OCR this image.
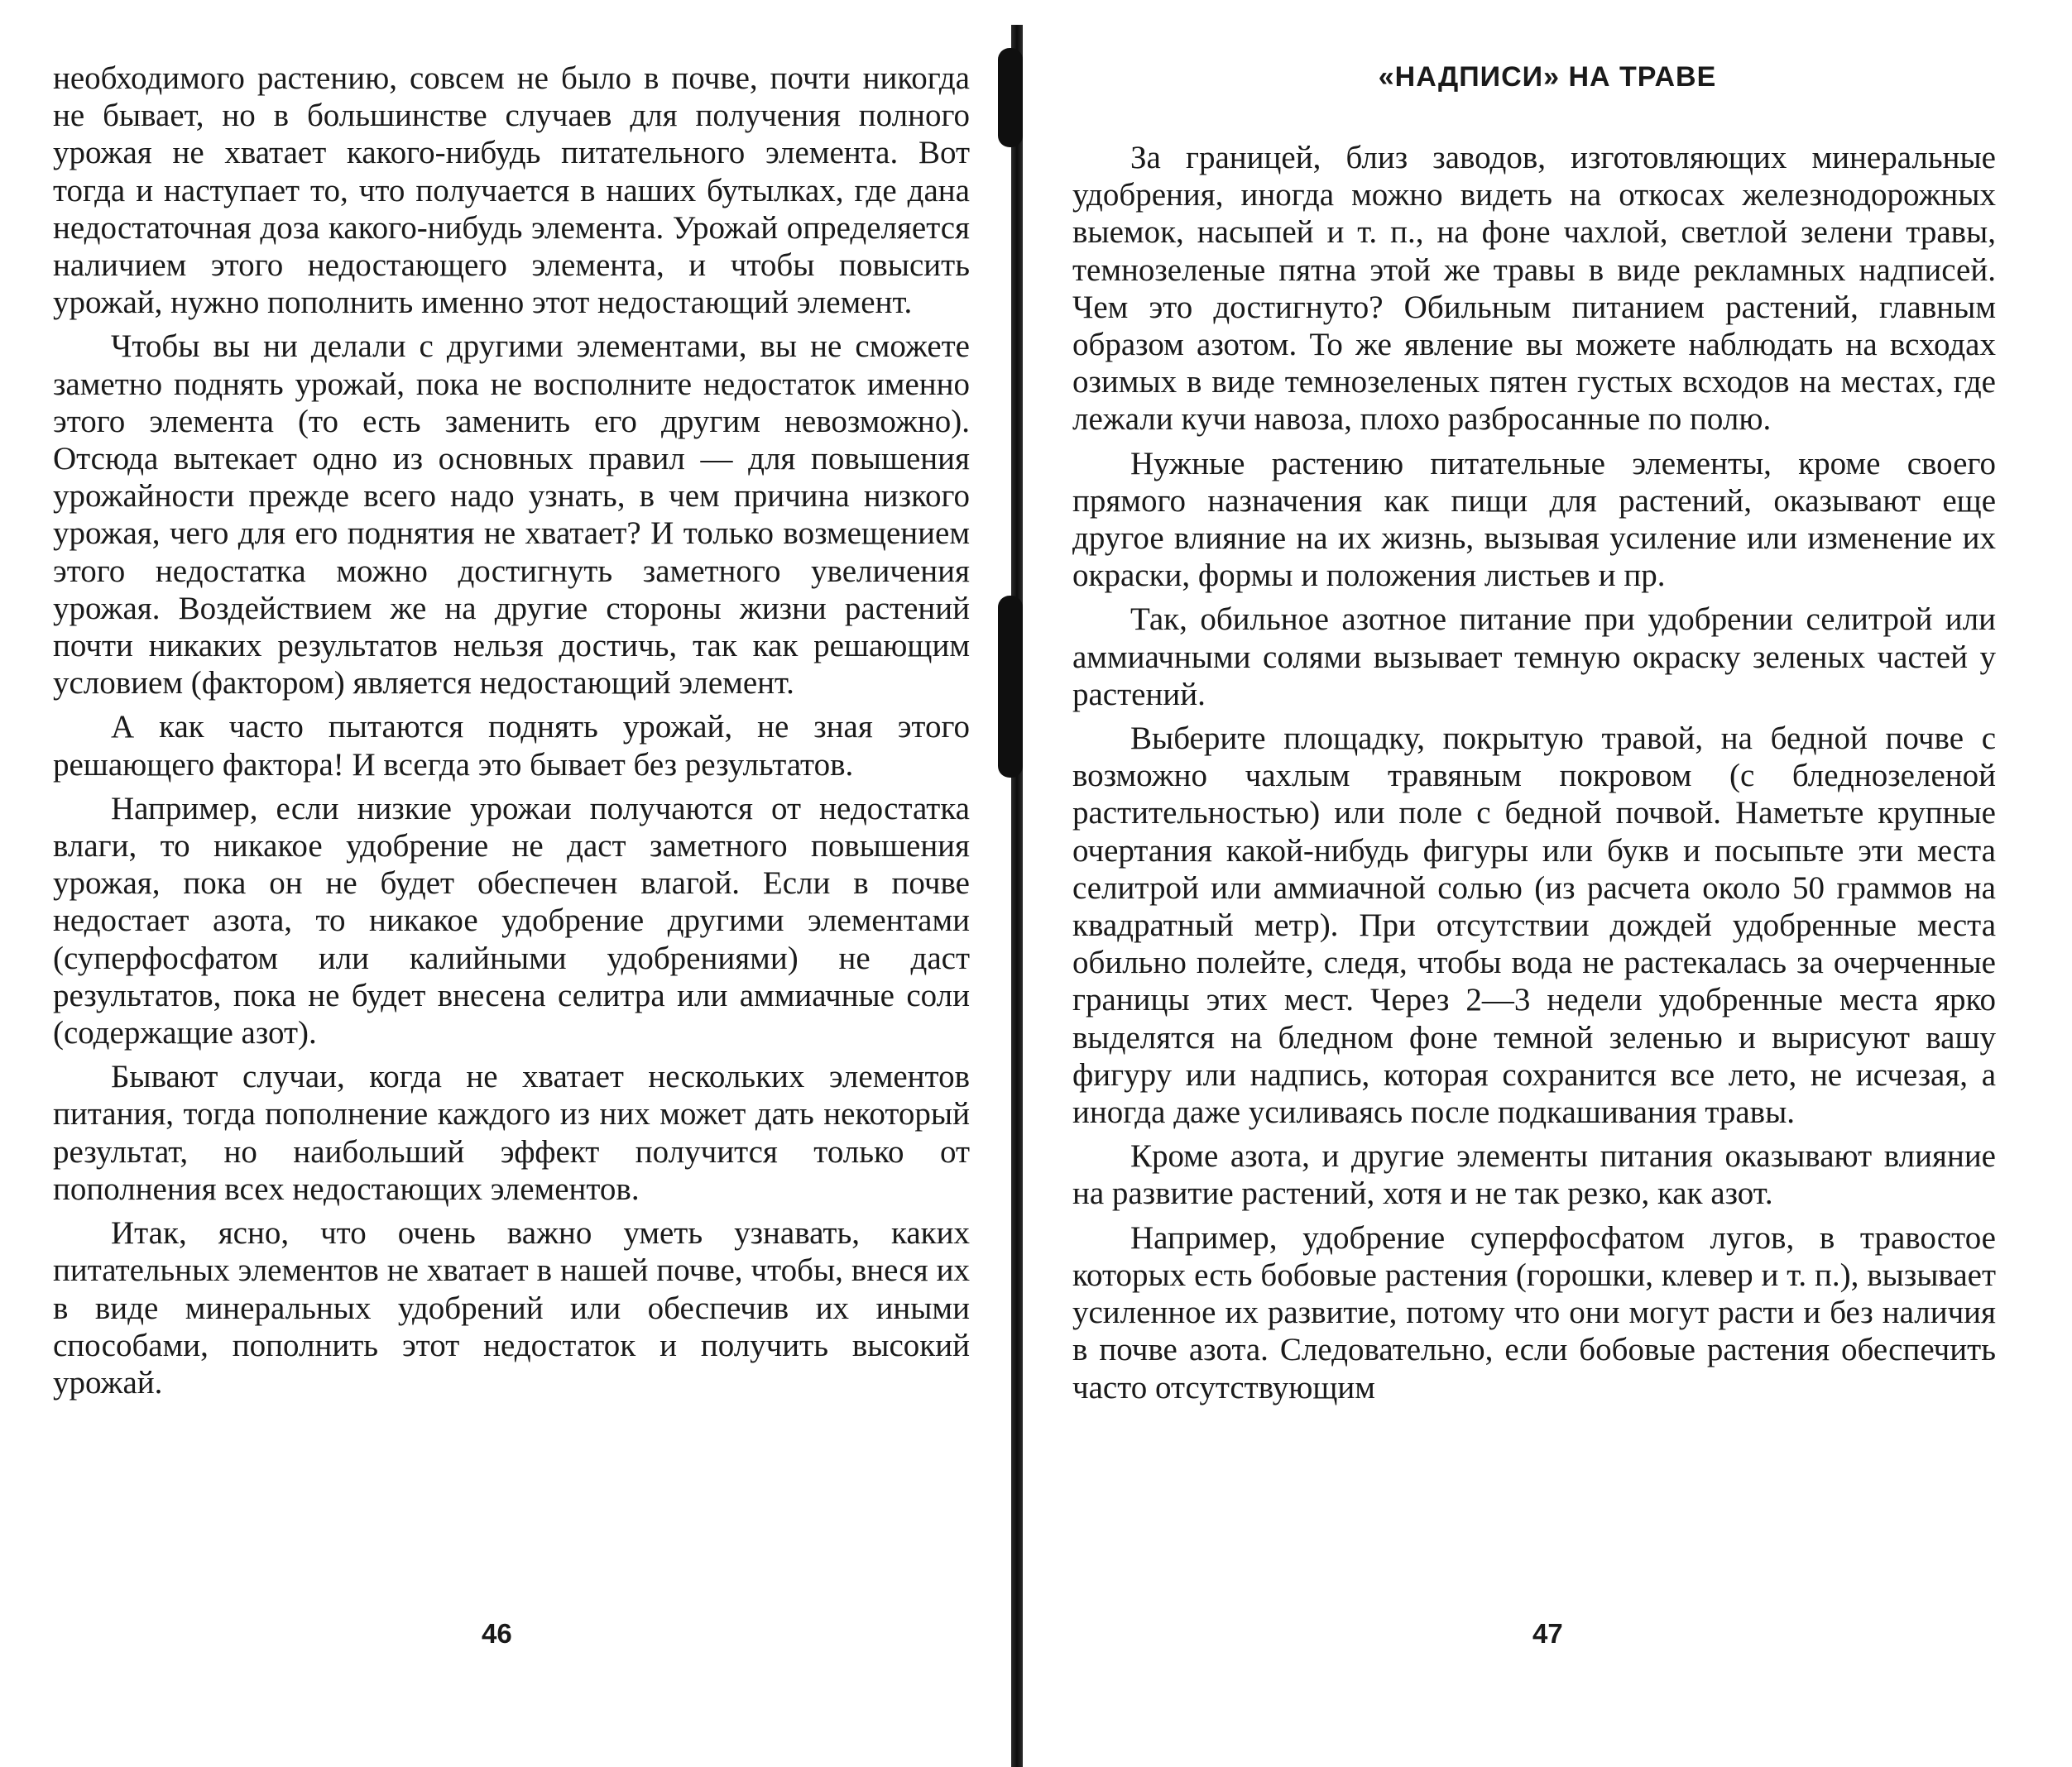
необходимого растению, совсем не было в почве, почти никогда не бывает, но в большинстве случаев для получения полного урожая не хватает какого-нибудь питательного элемента. Вот тогда и наступает то, что получается в наших бутылках, где дана недостаточная доза какого-нибудь элемента. Урожай определяется наличием этого недостающего элемента, и чтобы повысить урожай, нужно пополнить именно этот недостающий элемент.

Чтобы вы ни делали с другими элементами, вы не сможете заметно поднять урожай, пока не восполните недостаток именно этого элемента (то есть заменить его другим невозможно). Отсюда вытекает одно из основных правил — для повышения урожайности прежде всего надо узнать, в чем причина низкого урожая, чего для его поднятия не хватает? И только возмещением этого недостатка можно достигнуть заметного увеличения урожая. Воздействием же на другие стороны жизни растений почти никаких результатов нельзя достичь, так как решающим условием (фактором) является недостающий элемент.

А как часто пытаются поднять урожай, не зная этого решающего фактора! И всегда это бывает без результатов.

Например, если низкие урожаи получаются от недостатка влаги, то никакое удобрение не даст заметного повышения урожая, пока он не будет обеспечен влагой. Если в почве недостает азота, то никакое удобрение другими элементами (суперфосфатом или калийными удобрениями) не даст результатов, пока не будет внесена селитра или аммиачные соли (содержащие азот).

Бывают случаи, когда не хватает нескольких элементов питания, тогда пополнение каждого из них может дать некоторый результат, но наибольший эффект получится только от пополнения всех недостающих элементов.

Итак, ясно, что очень важно уметь узнавать, каких питательных элементов не хватает в нашей почве, чтобы, внеся их в виде минеральных удобрений или обеспечив их иными способами, пополнить этот недостаток и получить высокий урожай.

46
«НАДПИСИ» НА ТРАВЕ

За границей, близ заводов, изготовляющих минеральные удобрения, иногда можно видеть на откосах железнодорожных выемок, насыпей и т. п., на фоне чахлой, светлой зелени травы, темнозеленые пятна этой же травы в виде рекламных надписей. Чем это достигнуто? Обильным питанием растений, главным образом азотом. То же явление вы можете наблюдать на всходах озимых в виде темнозеленых пятен густых всходов на местах, где лежали кучи навоза, плохо разбросанные по полю.

Нужные растению питательные элементы, кроме своего прямого назначения как пищи для растений, оказывают еще другое влияние на их жизнь, вызывая усиление или изменение их окраски, формы и положения листьев и пр.

Так, обильное азотное питание при удобрении селитрой или аммиачными солями вызывает темную окраску зеленых частей у растений.

Выберите площадку, покрытую травой, на бедной почве с возможно чахлым травяным покровом (с бледнозеленой растительностью) или поле с бедной почвой. Наметьте крупные очертания какой-нибудь фигуры или букв и посыпьте эти места селитрой или аммиачной солью (из расчета около 50 граммов на квадратный метр). При отсутствии дождей удобренные места обильно полейте, следя, чтобы вода не растекалась за очерченные границы этих мест. Через 2—3 недели удобренные места ярко выделятся на бледном фоне темной зеленью и вырисуют вашу фигуру или надпись, которая сохранится все лето, не исчезая, а иногда даже усиливаясь после подкашивания травы.

Кроме азота, и другие элементы питания оказывают влияние на развитие растений, хотя и не так резко, как азот.

Например, удобрение суперфосфатом лугов, в травостое которых есть бобовые растения (горошки, клевер и т. п.), вызывает усиленное их развитие, потому что они могут расти и без наличия в почве азота. Следовательно, если бобовые растения обеспечить часто отсутствующим

47
